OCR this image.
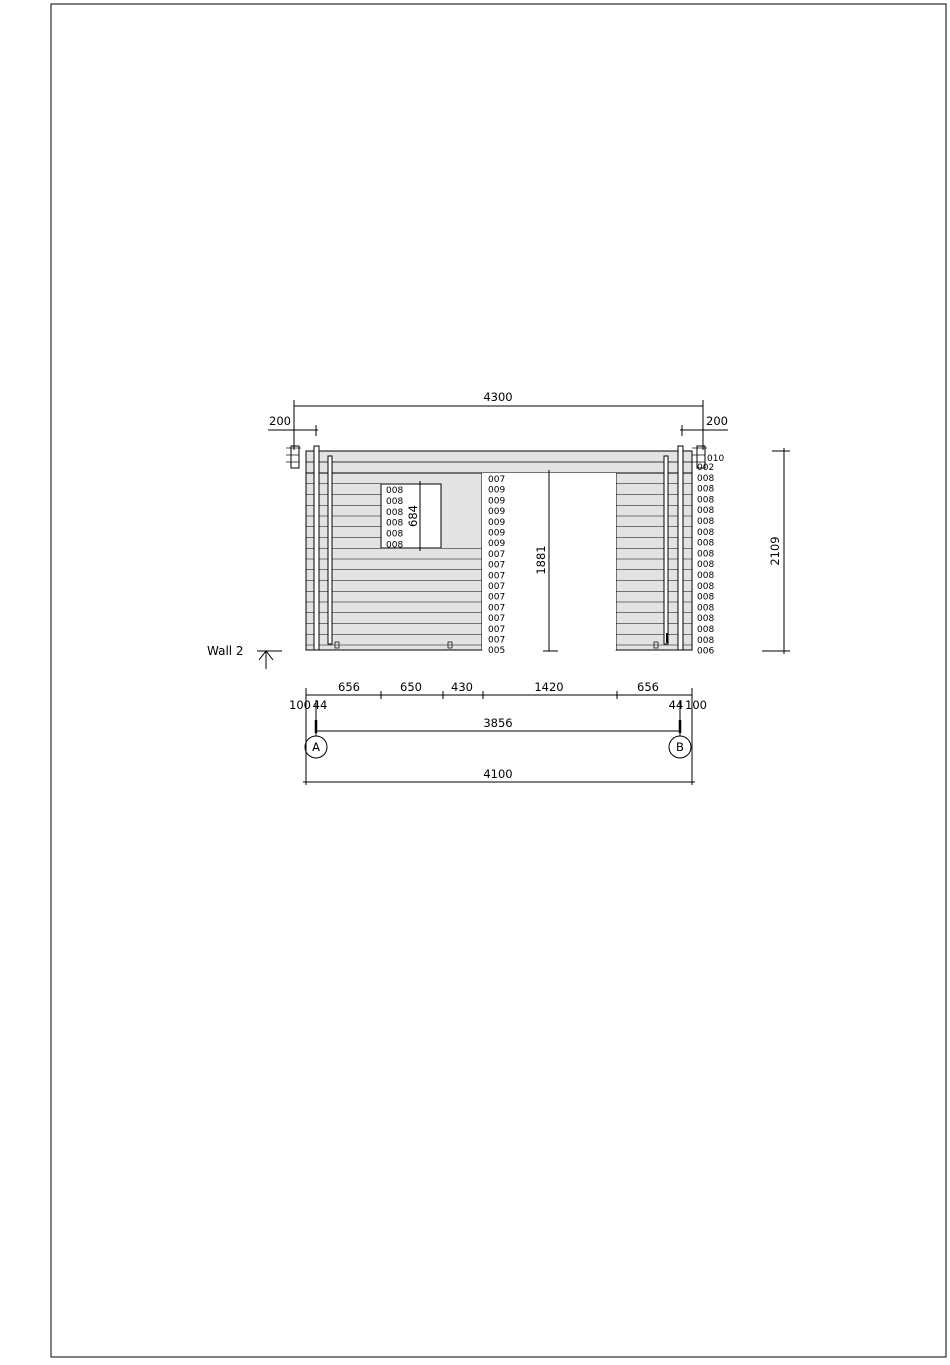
4300
200	200
2109
1881
684
656	650	430	1420	656
100 44	44 100
3856
4100
A	B
Wall 2
010
008
008
008
008
008
008
007
009
009
009
009
009
009
007
007
007
007
007
007
007
007
007
005
002
008
008
008
008
008
008
008
008
008
008
008
008
008
008
008
008
006
